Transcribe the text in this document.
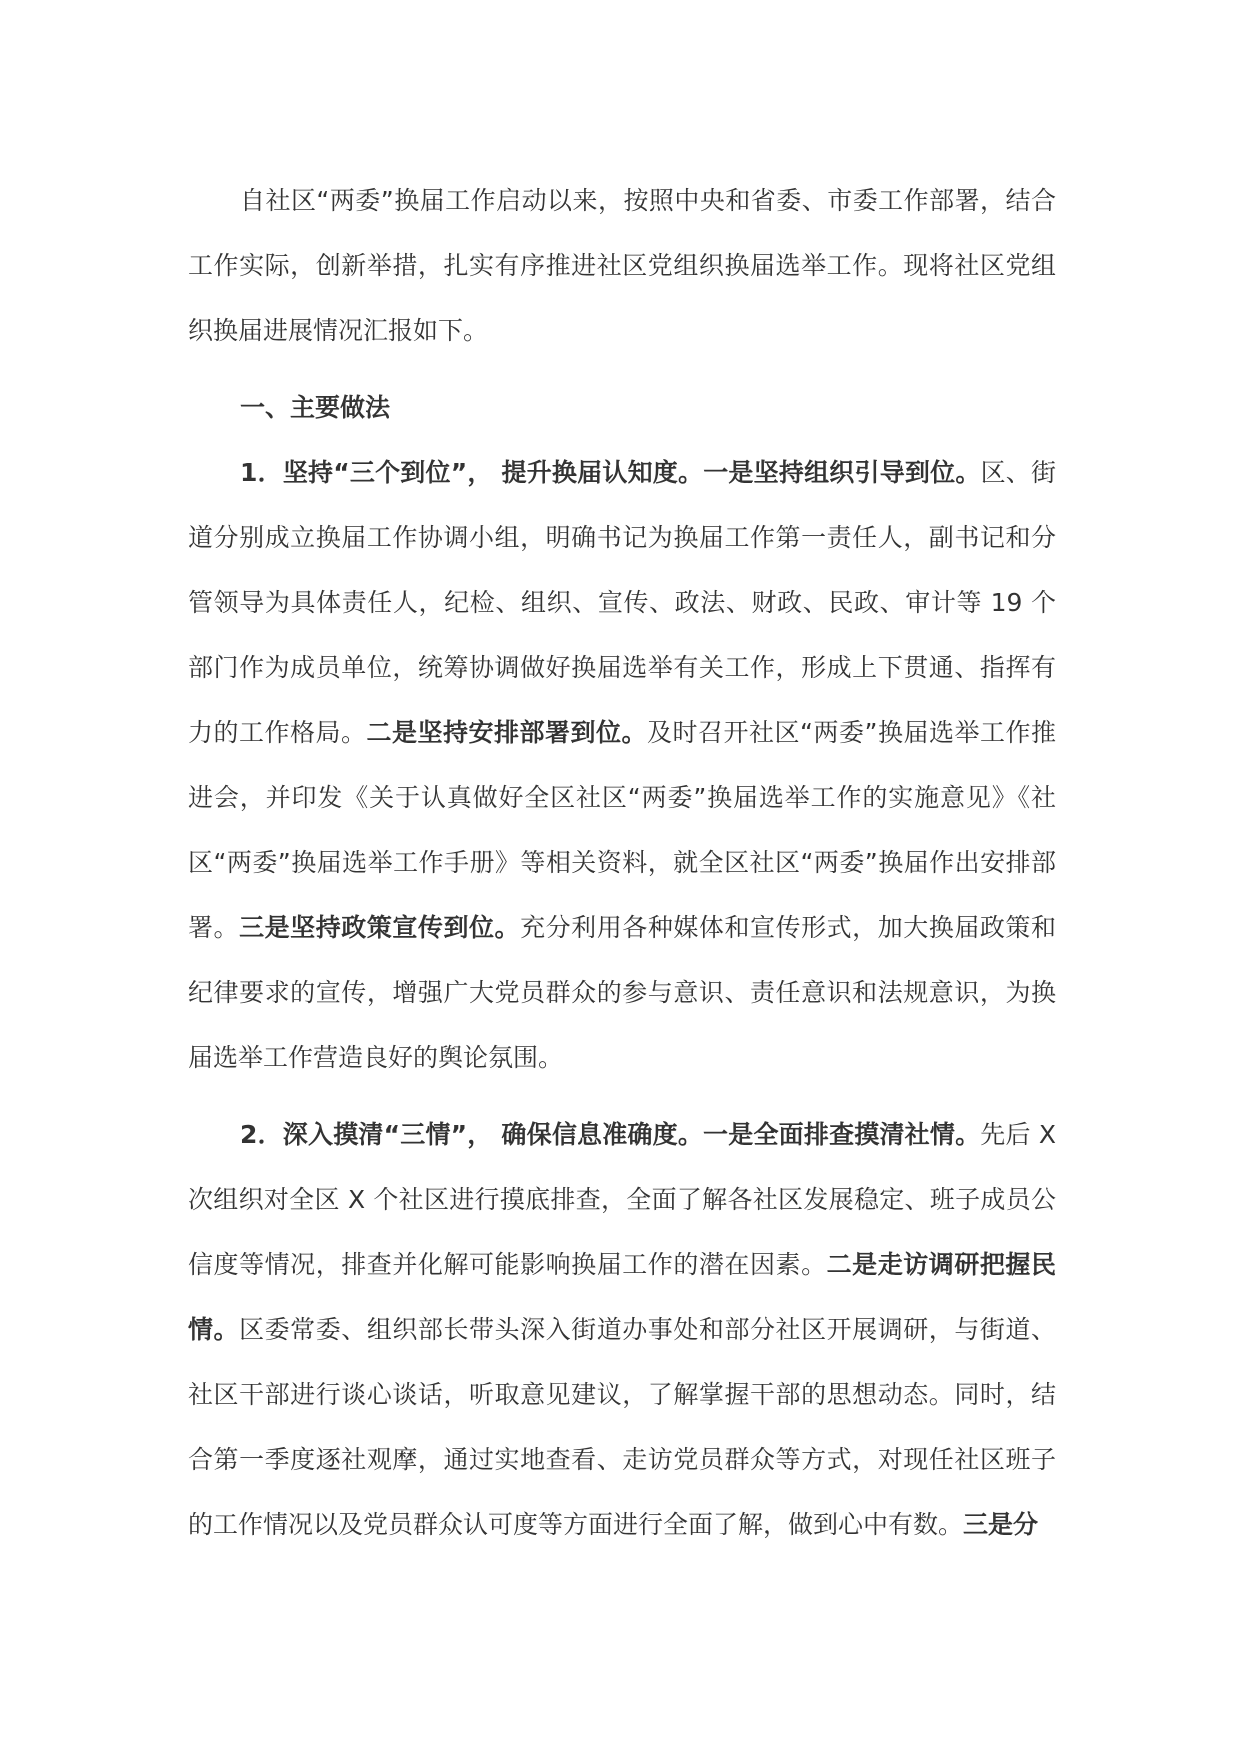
自社区“两委”换届工作启动以来，按照中央和省委、市委工作部署，结合工作实际，创新举措，扎实有序推进社区党组织换届选举工作。现将社区党组织换届进展情况汇报如下。

一、主要做法

1．坚持“三个到位”， 提升换届认知度。一是坚持组织引导到位。区、街道分别成立换届工作协调小组，明确书记为换届工作第一责任人，副书记和分管领导为具体责任人，纪检、组织、宣传、政法、财政、民政、审计等 19 个部门作为成员单位，统筹协调做好换届选举有关工作，形成上下贯通、指挥有力的工作格局。二是坚持安排部署到位。及时召开社区“两委”换届选举工作推进会，并印发《关于认真做好全区社区“两委”换届选举工作的实施意见》《社区“两委”换届选举工作手册》等相关资料，就全区社区“两委”换届作出安排部署。三是坚持政策宣传到位。充分利用各种媒体和宣传形式，加大换届政策和纪律要求的宣传，增强广大党员群众的参与意识、责任意识和法规意识，为换届选举工作营造良好的舆论氛围。

2．深入摸清“三情”， 确保信息准确度。一是全面排查摸清社情。先后 X 次组织对全区 X 个社区进行摸底排查，全面了解各社区发展稳定、班子成员公信度等情况，排查并化解可能影响换届工作的潜在因素。二是走访调研把握民情。区委常委、组织部长带头深入街道办事处和部分社区开展调研，与街道、社区干部进行谈心谈话，听取意见建议，了解掌握干部的思想动态。同时，结合第一季度逐社观摩，通过实地查看、走访党员群众等方式，对现任社区班子的工作情况以及党员群众认可度等方面进行全面了解，做到心中有数。三是分
